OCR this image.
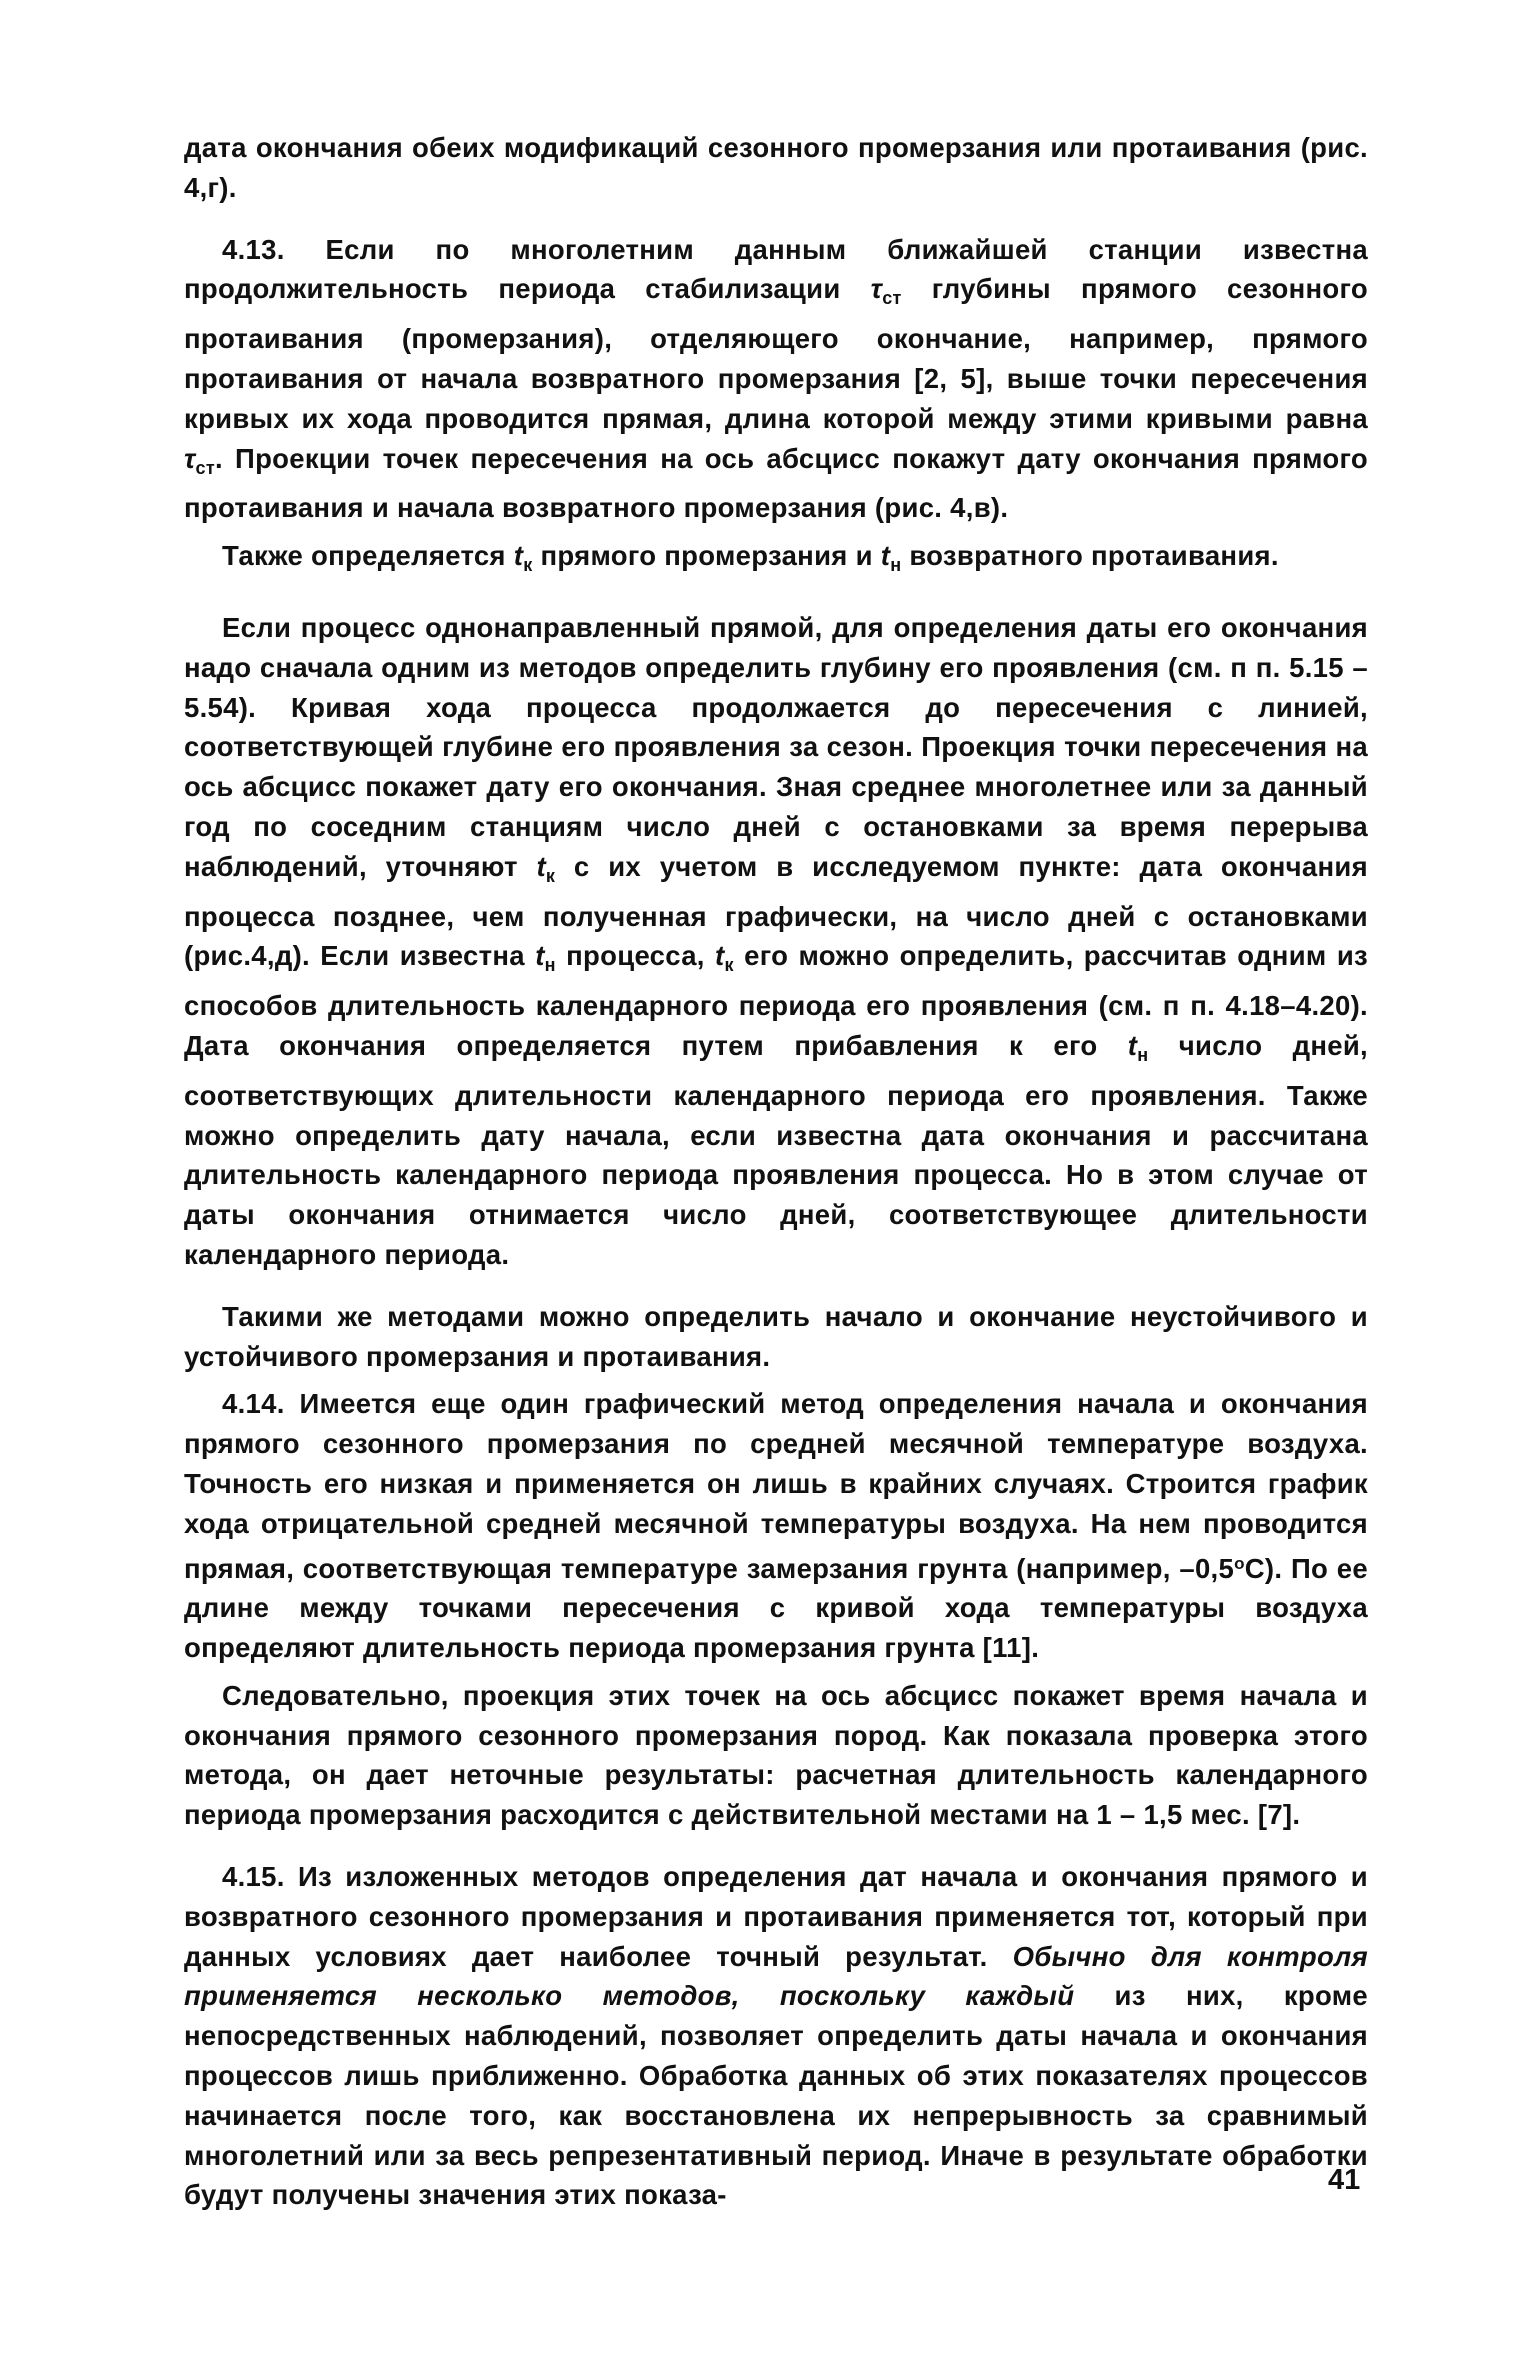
дата окончания обеих модификаций сезонного промерзания или протаивания (рис. 4,г).

4.13. Если по многолетним данным ближайшей станции известна продолжительность периода стабилизации $\tau_{ст}$ глубины прямого сезонного протаивания (промерзания), отделяющего окончание, например, прямого протаивания от начала возвратного промерзания [2, 5], выше точки пересечения кривых их хода проводится прямая, длина которой между этими кривыми равна $\tau_{ст}$. Проекции точек пересечения на ось абсцисс покажут дату окончания прямого протаивания и начала возвратного промерзания (рис. 4,в).

Также определяется $t_к$ прямого промерзания и $t_н$ возвратного протаивания.

Если процесс однонаправленный прямой, для определения даты его окончания надо сначала одним из методов определить глубину его проявления (см. п п. 5.15 –5.54). Кривая хода процесса продолжается до пересечения с линией, соответствующей глубине его проявления за сезон. Проекция точки пересечения на ось абсцисс покажет дату его окончания. Зная среднее многолетнее или за данный год по соседним станциям число дней с остановками за время перерыва наблюдений, уточняют $t_к$ с их учетом в исследуемом пункте: дата окончания процесса позднее, чем полученная графически, на число дней с остановками (рис.4,д). Если известна $t_н$ процесса, $t_к$ его можно определить, рассчитав одним из способов длительность календарного периода его проявления (см. п п. 4.18–4.20). Дата окончания определяется путем прибавления к его $t_н$ число дней, соответствующих длительности календарного периода его проявления. Также можно определить дату начала, если известна дата окончания и рассчитана длительность календарного периода проявления процесса. Но в этом случае от даты окончания отнимается число дней, соответствующее длительности календарного периода.

Такими же методами можно определить начало и окончание неустойчивого и устойчивого промерзания и протаивания.

4.14. Имеется еще один графический метод определения начала и окончания прямого сезонного промерзания по средней месячной температуре воздуха. Точность его низкая и применяется он лишь в крайних случаях. Строится график хода отрицательной средней месячной температуры воздуха. На нем проводится прямая, соответствующая температуре замерзания грунта (например, $-0,5^оС$). По ее длине между точками пересечения с кривой хода температуры воздуха определяют длительность периода промерзания грунта [11].

Следовательно, проекция этих точек на ось абсцисс покажет время начала и окончания прямого сезонного промерзания пород. Как показала проверка этого метода, он дает неточные результаты: расчетная длительность календарного периода промерзания расходится с действительной местами на 1 – 1,5 мес. [7].

4.15. Из изложенных методов определения дат начала и окончания прямого и возвратного сезонного промерзания и протаивания применяется тот, который при данных условиях дает наиболее точный результат. Обычно для контроля применяется несколько методов, поскольку каждый из них, кроме непосредственных наблюдений, позволяет определить даты начала и окончания процессов лишь приближенно. Обработка данных об этих показателях процессов начинается после того, как восстановлена их непрерывность за сравнимый многолетний или за весь репрезентативный период. Иначе в результате обработки будут получены значения этих показа-	41
